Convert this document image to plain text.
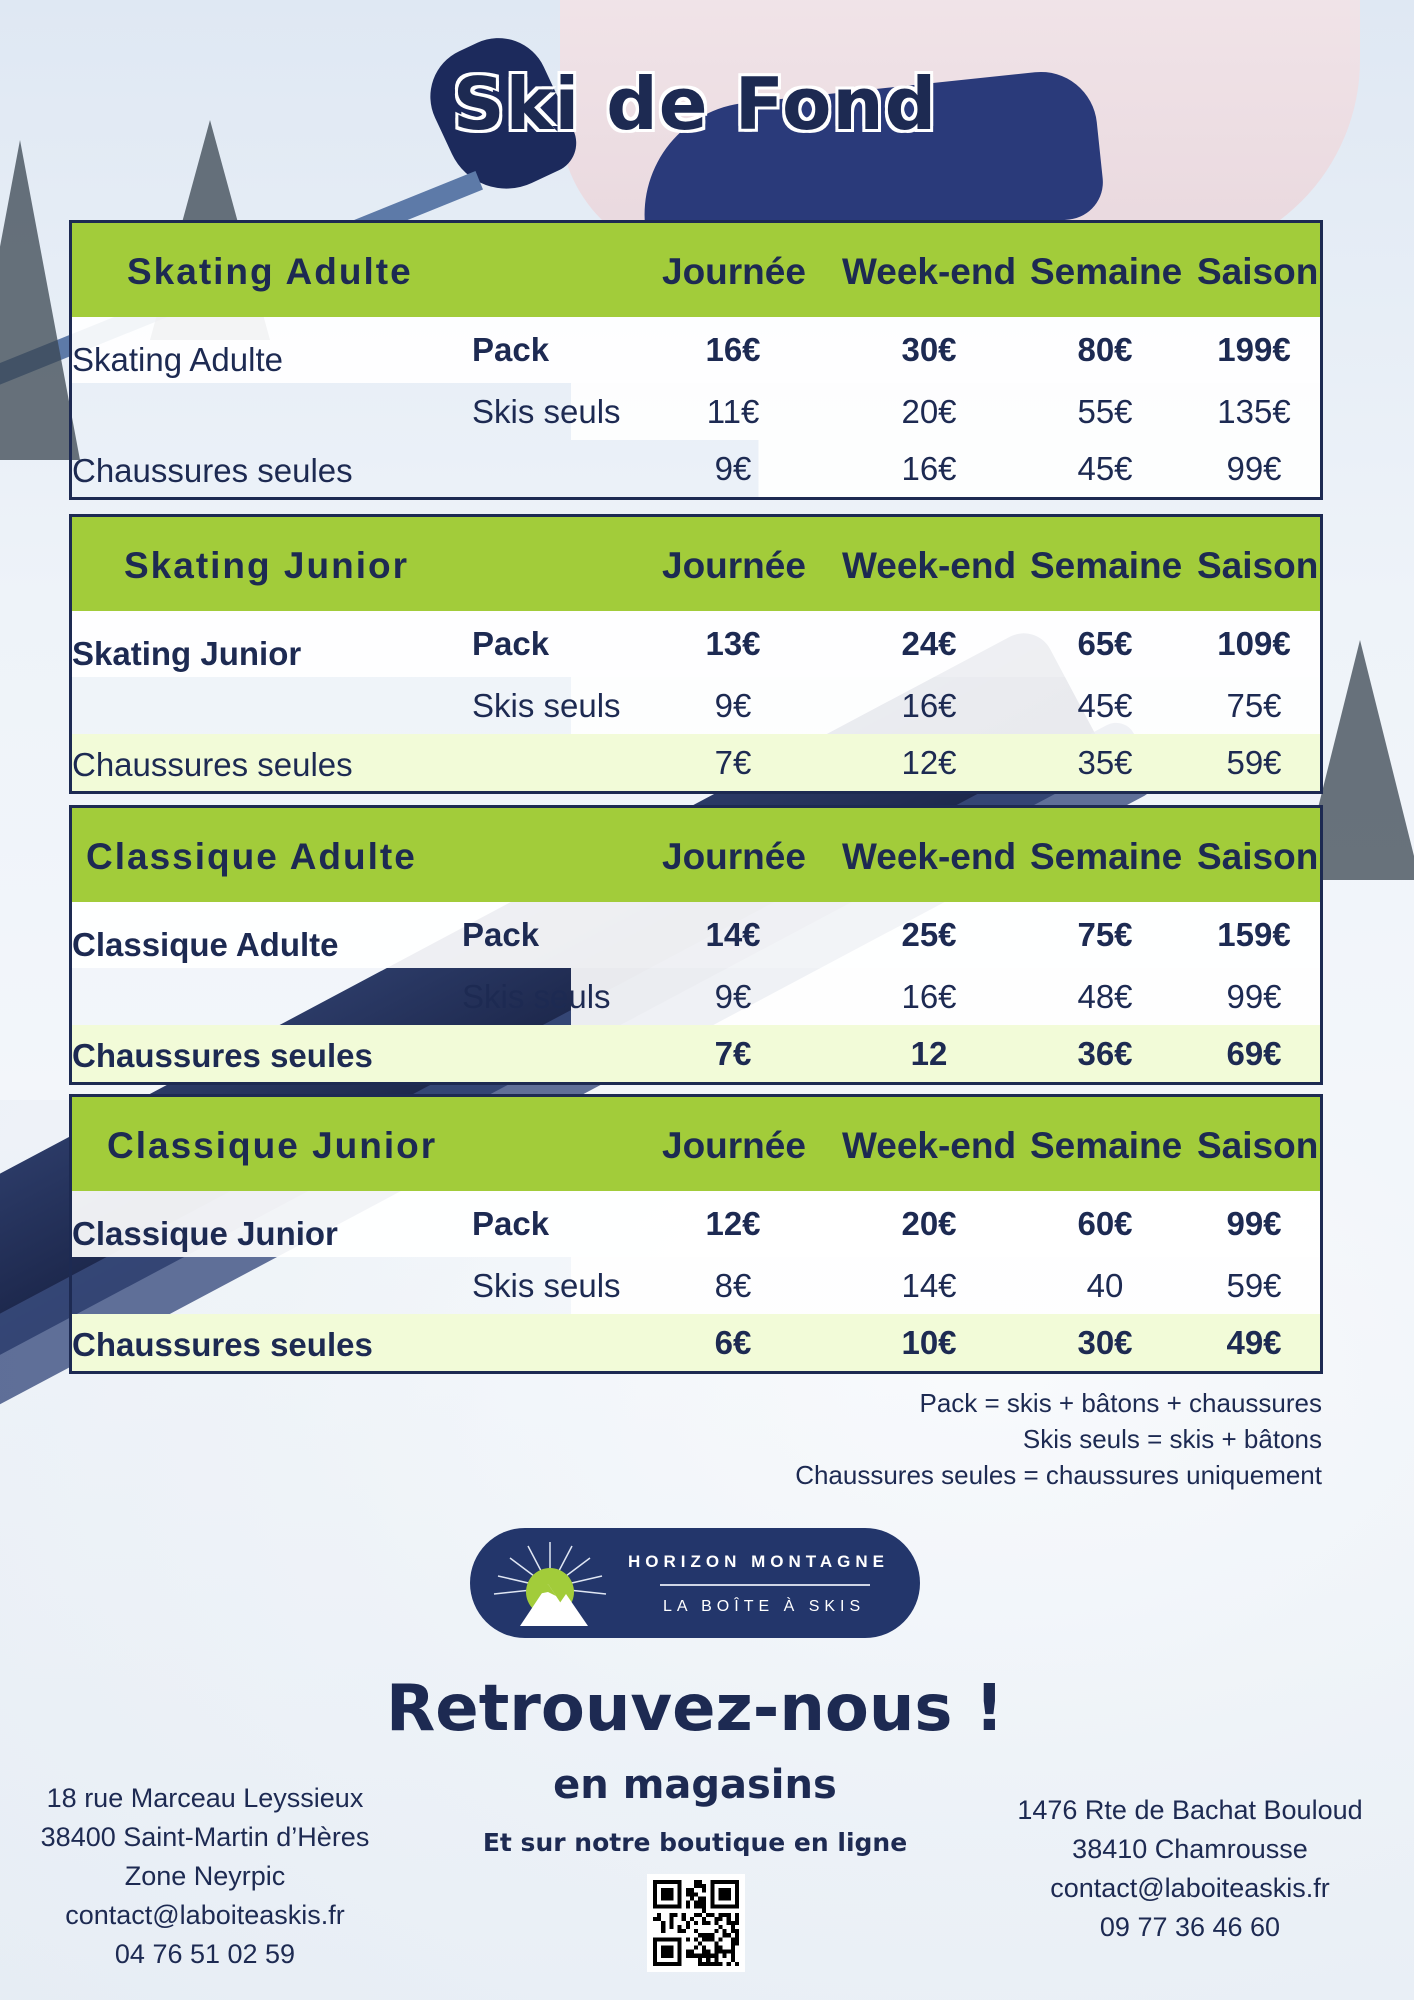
Ski de Fond
Skating Adulte	Journée Week-end Semaine Saison
Skating Adulte	Pack	16€	30€	80€	199€
Skis seuls	11€	20€	55€	135€
Chaussures seules	9€	16€	45€	99€
Skating Junior	Journée Week-end Semaine Saison
Skating Junior	Pack	13€	24€	65€	109€
Skis seuls	9€	16€	45€	75€
Chaussures seules	7€	12€	35€	59€
Classique Adulte	Journée Week-end Semaine Saison
Classique Adulte	Pack	14€	25€	75€	159€
Skis seuls	9€	16€	48€	99€
Chaussures seules	7€	12	36€	69€
Classique Junior	Journée Week-end Semaine Saison
Classique Junior	Pack	12€	20€	60€	99€
Skis seuls	8€	14€	40	59€
Chaussures seules	6€	10€	30€	49€
Pack = skis + bâtons + chaussures
Skis seuls = skis + bâtons
Chaussures seules = chaussures uniquement
HORIZON MONTAGNE
LA BOÎTE À SKIS
Retrouvez-nous !
en magasins
Et sur notre boutique en ligne
18 rue Marceau Leyssieux
38400 Saint-Martin d’Hères
Zone Neyrpic
contact@laboiteaskis.fr
04 76 51 02 59
1476 Rte de Bachat Bouloud
38410 Chamrousse
contact@laboiteaskis.fr
09 77 36 46 60
